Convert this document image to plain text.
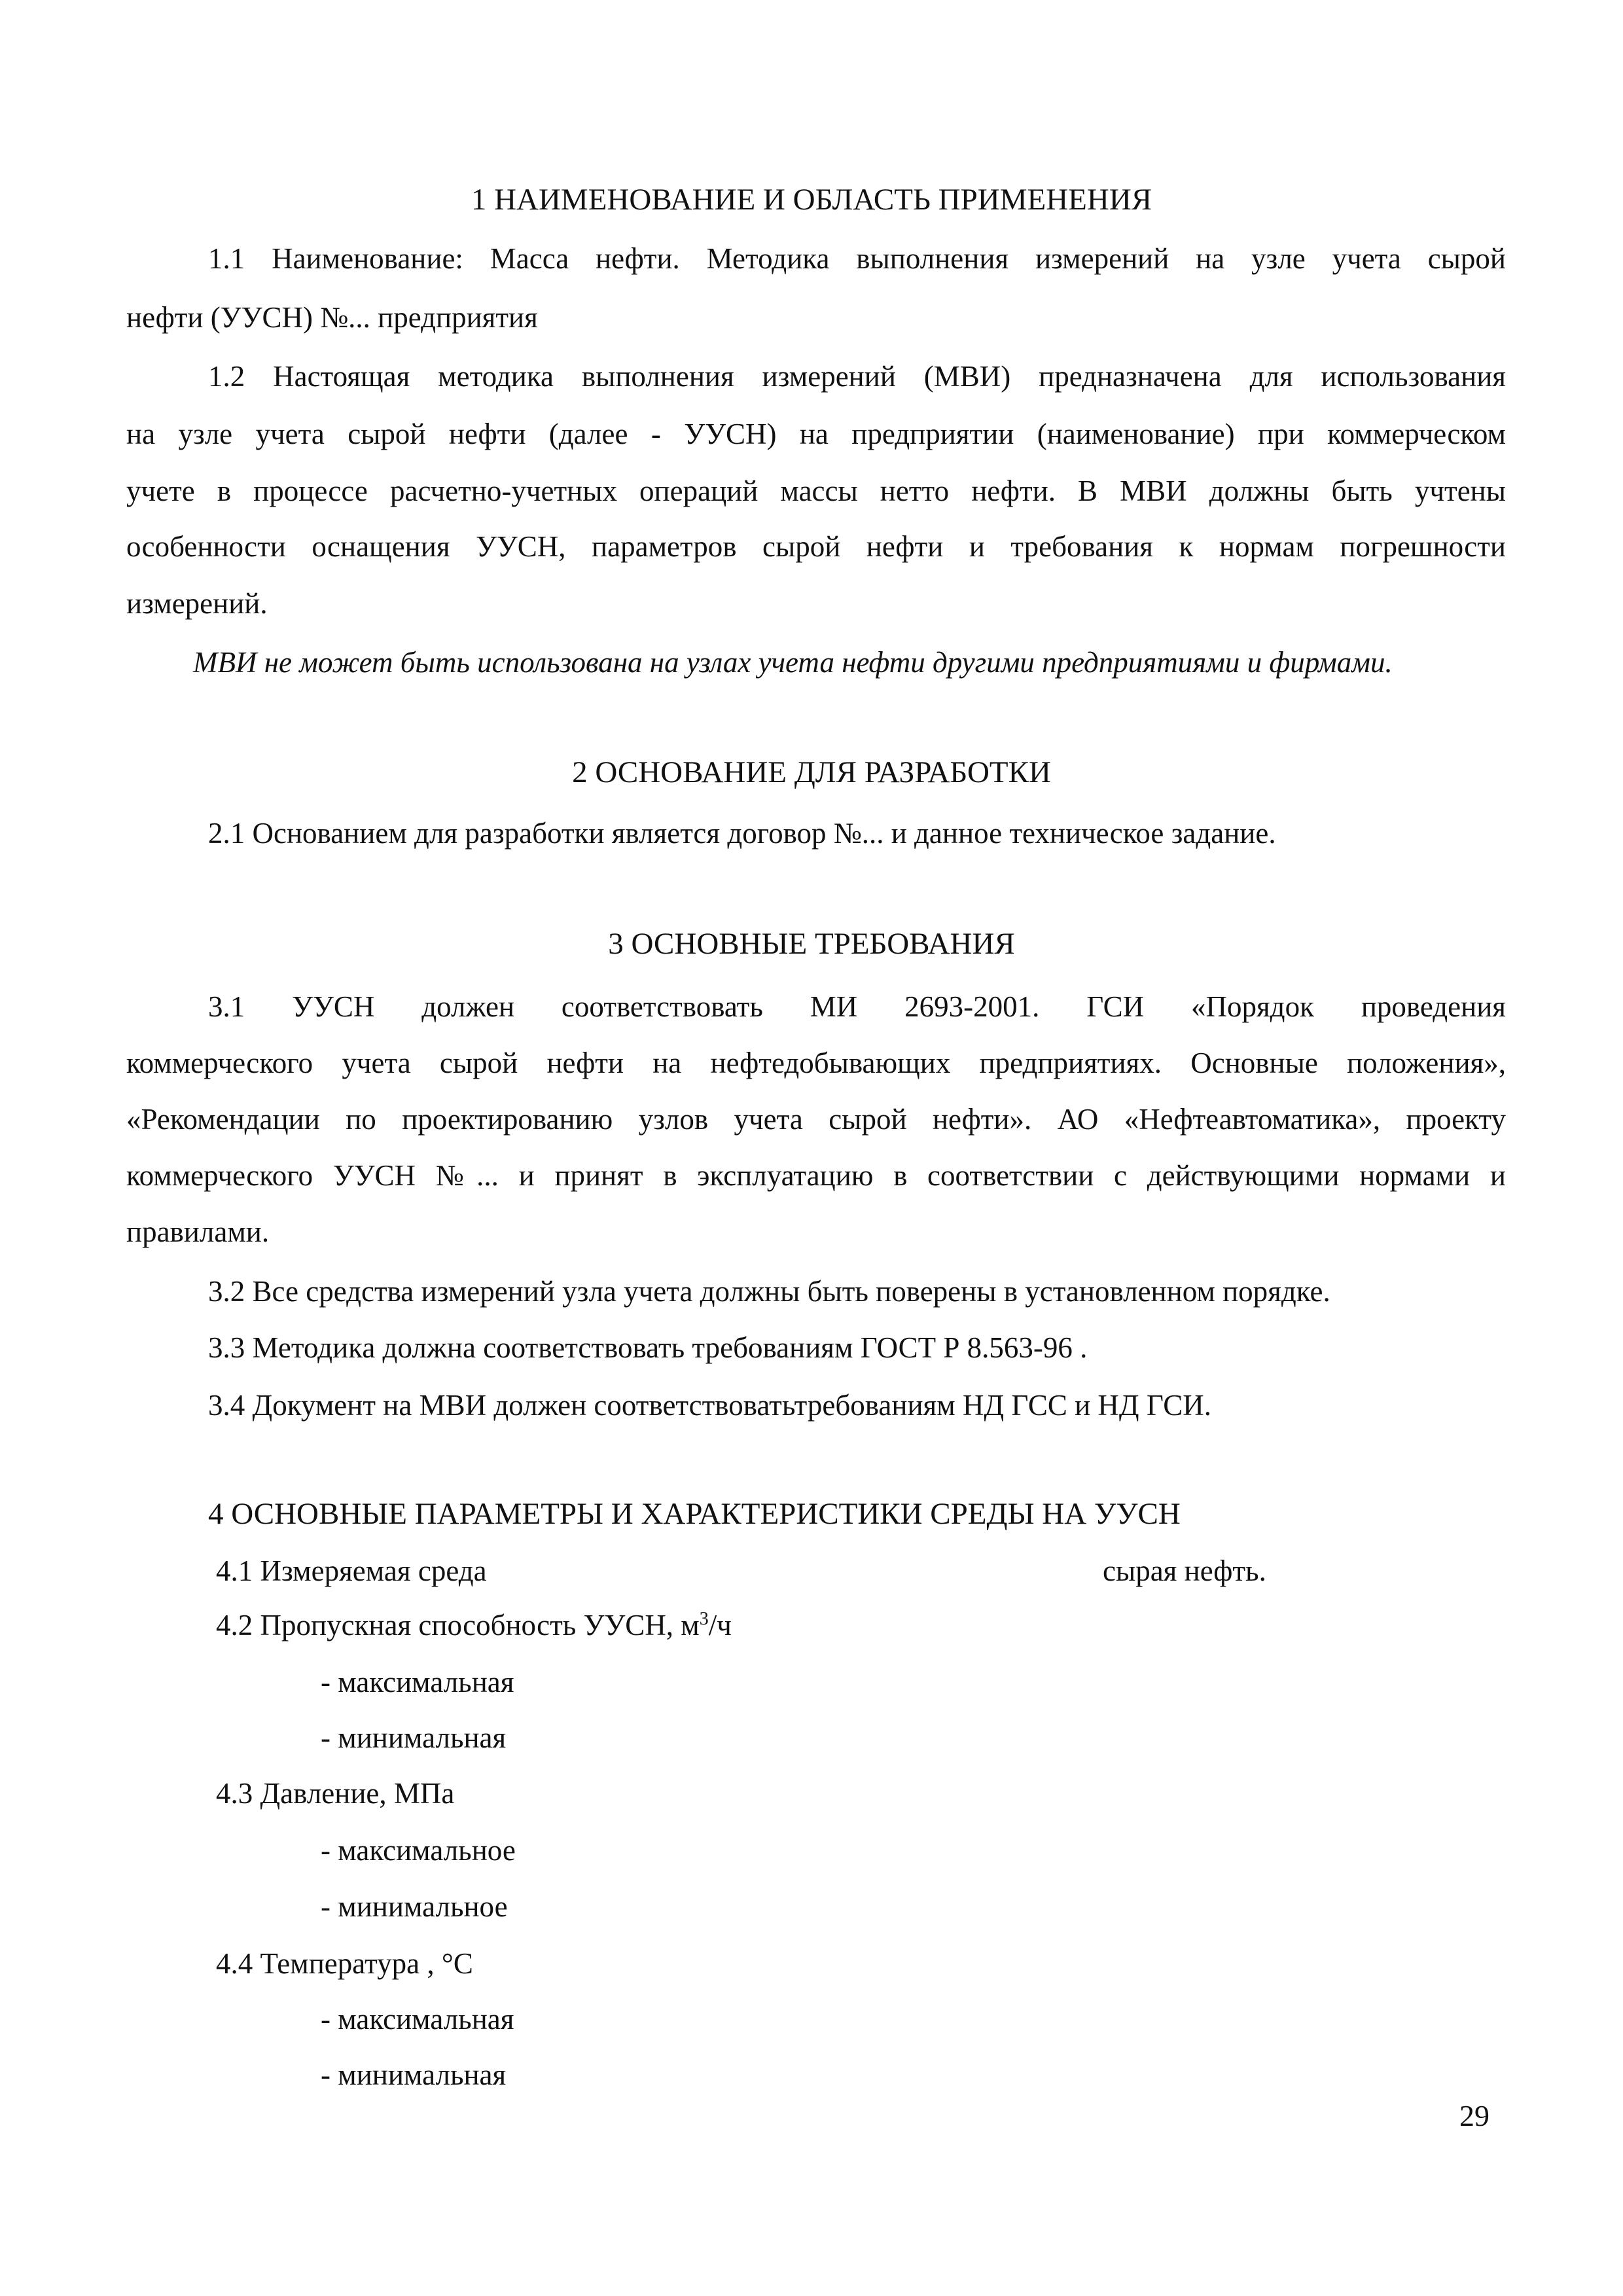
1 НАИМЕНОВАНИЕ И ОБЛАСТЬ ПРИМЕНЕНИЯ
1.1 Наименование: Масса нефти. Методика выполнения измерений на узле учета сырой
нефти (УУСН) №... предприятия
1.2 Настоящая методика выполнения измерений (МВИ) предназначена для использования
на узле учета сырой нефти (далее - УУСН) на предприятии (наименование) при коммерческом
учете в процессе расчетно-учетных операций массы нетто нефти. В МВИ должны быть учтены
особенности оснащения УУСН, параметров сырой нефти и требования к нормам погрешности
измерений.
МВИ не может быть использована на узлах учета нефти другими предприятиями и фирмами.
2 ОСНОВАНИЕ ДЛЯ РАЗРАБОТКИ
2.1 Основанием для разработки является договор №... и данное техническое задание.
3 ОСНОВНЫЕ ТРЕБОВАНИЯ
3.1 УУСН должен соответствовать МИ 2693-2001. ГСИ «Порядок проведения
коммерческого учета сырой нефти на нефтедобывающих предприятиях. Основные положения»,
«Рекомендации по проектированию узлов учета сырой нефти». АО «Нефтеавтоматика», проекту
коммерческого УУСН №... и принят в эксплуатацию в соответствии с действующими нормами и
правилами.
3.2 Все средства измерений узла учета должны быть поверены в установленном порядке.
3.3 Методика должна соответствовать требованиям ГОСТ Р 8.563-96 .
3.4 Документ на МВИ должен соответствоватьтребованиям НД ГСС и НД ГСИ.
4 ОСНОВНЫЕ ПАРАМЕТРЫ И ХАРАКТЕРИСТИКИ СРЕДЫ НА УУСН
4.1 Измеряемая среда	сырая нефть.
4.2 Пропускная способность УУСН, $м^3/ч$
- максимальная
- минимальная
4.3 Давление, МПа
- максимальное
- минимальное
4.4 Температура , °С
- максимальная
- минимальная
29
